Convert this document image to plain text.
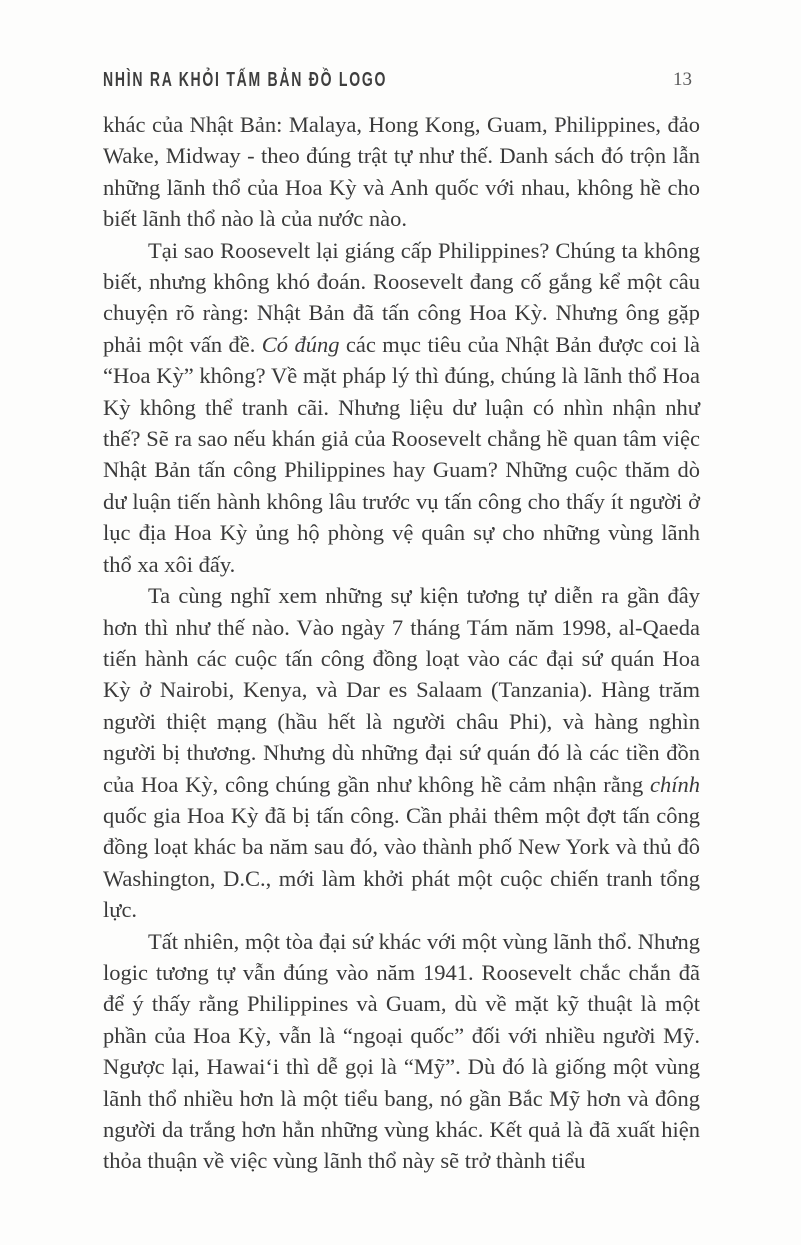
NHÌN RA KHỎI TẤM BẢN ĐỒ LOGO	13

khác của Nhật Bản: Malaya, Hong Kong, Guam, Philippines, đảo Wake, Midway - theo đúng trật tự như thế. Danh sách đó trộn lẫn những lãnh thổ của Hoa Kỳ và Anh quốc với nhau, không hề cho biết lãnh thổ nào là của nước nào.

Tại sao Roosevelt lại giáng cấp Philippines? Chúng ta không biết, nhưng không khó đoán. Roosevelt đang cố gắng kể một câu chuyện rõ ràng: Nhật Bản đã tấn công Hoa Kỳ. Nhưng ông gặp phải một vấn đề. Có đúng các mục tiêu của Nhật Bản được coi là “Hoa Kỳ” không? Về mặt pháp lý thì đúng, chúng là lãnh thổ Hoa Kỳ không thể tranh cãi. Nhưng liệu dư luận có nhìn nhận như thế? Sẽ ra sao nếu khán giả của Roosevelt chẳng hề quan tâm việc Nhật Bản tấn công Philippines hay Guam? Những cuộc thăm dò dư luận tiến hành không lâu trước vụ tấn công cho thấy ít người ở lục địa Hoa Kỳ ủng hộ phòng vệ quân sự cho những vùng lãnh thổ xa xôi đấy.

Ta cùng nghĩ xem những sự kiện tương tự diễn ra gần đây hơn thì như thế nào. Vào ngày 7 tháng Tám năm 1998, al-Qaeda tiến hành các cuộc tấn công đồng loạt vào các đại sứ quán Hoa Kỳ ở Nairobi, Kenya, và Dar es Salaam (Tanzania). Hàng trăm người thiệt mạng (hầu hết là người châu Phi), và hàng nghìn người bị thương. Nhưng dù những đại sứ quán đó là các tiền đồn của Hoa Kỳ, công chúng gần như không hề cảm nhận rằng chính quốc gia Hoa Kỳ đã bị tấn công. Cần phải thêm một đợt tấn công đồng loạt khác ba năm sau đó, vào thành phố New York và thủ đô Washington, D.C., mới làm khởi phát một cuộc chiến tranh tổng lực.

Tất nhiên, một tòa đại sứ khác với một vùng lãnh thổ. Nhưng logic tương tự vẫn đúng vào năm 1941. Roosevelt chắc chắn đã để ý thấy rằng Philippines và Guam, dù về mặt kỹ thuật là một phần của Hoa Kỳ, vẫn là “ngoại quốc” đối với nhiều người Mỹ. Ngược lại, Hawai‘i thì dễ gọi là “Mỹ”. Dù đó là giống một vùng lãnh thổ nhiều hơn là một tiểu bang, nó gần Bắc Mỹ hơn và đông người da trắng hơn hẳn những vùng khác. Kết quả là đã xuất hiện thỏa thuận về việc vùng lãnh thổ này sẽ trở thành tiểu
